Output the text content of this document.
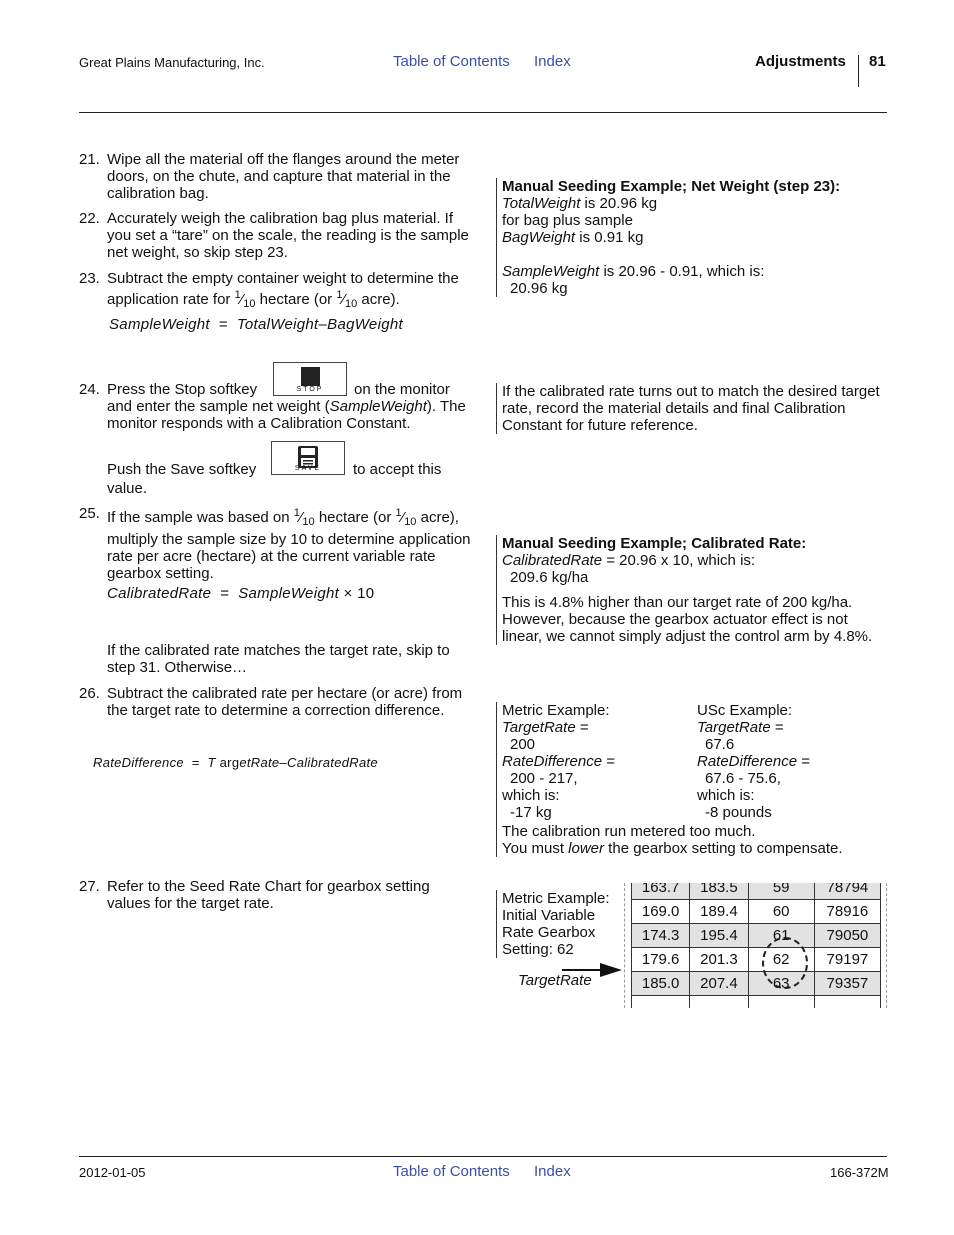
Great Plains Manufacturing, Inc.	Table of Contents Index	Adjustments 81
21. Wipe all the material off the flanges around the meter doors, on the chute, and capture that material in the calibration bag.
22. Accurately weigh the calibration bag plus material. If you set a “tare” on the scale, the reading is the sample net weight, so skip step 23.
23. Subtract the empty container weight to determine the application rate for $^1⁄_{10}$ hectare (or $^1⁄_{10}$ acre).
SampleWeight = TotalWeight–BagWeight
24. Press the Stop softkey	on the monitor
and enter the sample net weight (SampleWeight). The monitor responds with a Calibration Constant.
STOP
Push the Save softkey	SAVE	to accept this
value.
25. If the sample was based on $^1⁄_{10}$ hectare (or $^1⁄_{10}$ acre), multiply the sample size by 10 to determine application rate per acre (hectare) at the current variable rate gearbox setting.
CalibratedRate = SampleWeight × 10
If the calibrated rate matches the target rate, skip to step 31. Otherwise…
26. Subtract the calibrated rate per hectare (or acre) from the target rate to determine a correction difference.
RateDifference = T argetRate–CalibratedRate
27. Refer to the Seed Rate Chart for gearbox setting values for the target rate.
Manual Seeding Example; Net Weight (step 23):
TotalWeight is 20.96 kg
for bag plus sample
BagWeight is 0.91 kg
SampleWeight is 20.96 - 0.91, which is:
20.96 kg
If the calibrated rate turns out to match the desired target rate, record the material details and final Calibration Constant for future reference.
Manual Seeding Example; Calibrated Rate:
CalibratedRate = 20.96 x 10, which is:
209.6 kg/ha
This is 4.8% higher than our target rate of 200 kg/ha. However, because the gearbox actuator effect is not linear, we cannot simply adjust the control arm by 4.8%.
Metric Example:
TargetRate =
200
RateDifference =
200 - 217,
which is:
-17 kg
USc Example:
TargetRate =
67.6
RateDifference =
67.6 - 75.6,
which is:
-8 pounds
The calibration run metered too much.
You must lower the gearbox setting to compensate.
Metric Example:
Initial Variable
Rate Gearbox
Setting: 62
TargetRate
163.7	183.5	59	78794
169.0	189.4	60	78916
174.3	195.4	61	79050
179.6	201.3	62	79197
185.0	207.4	63	79357

2012-01-05	Table of Contents Index	166-372M
